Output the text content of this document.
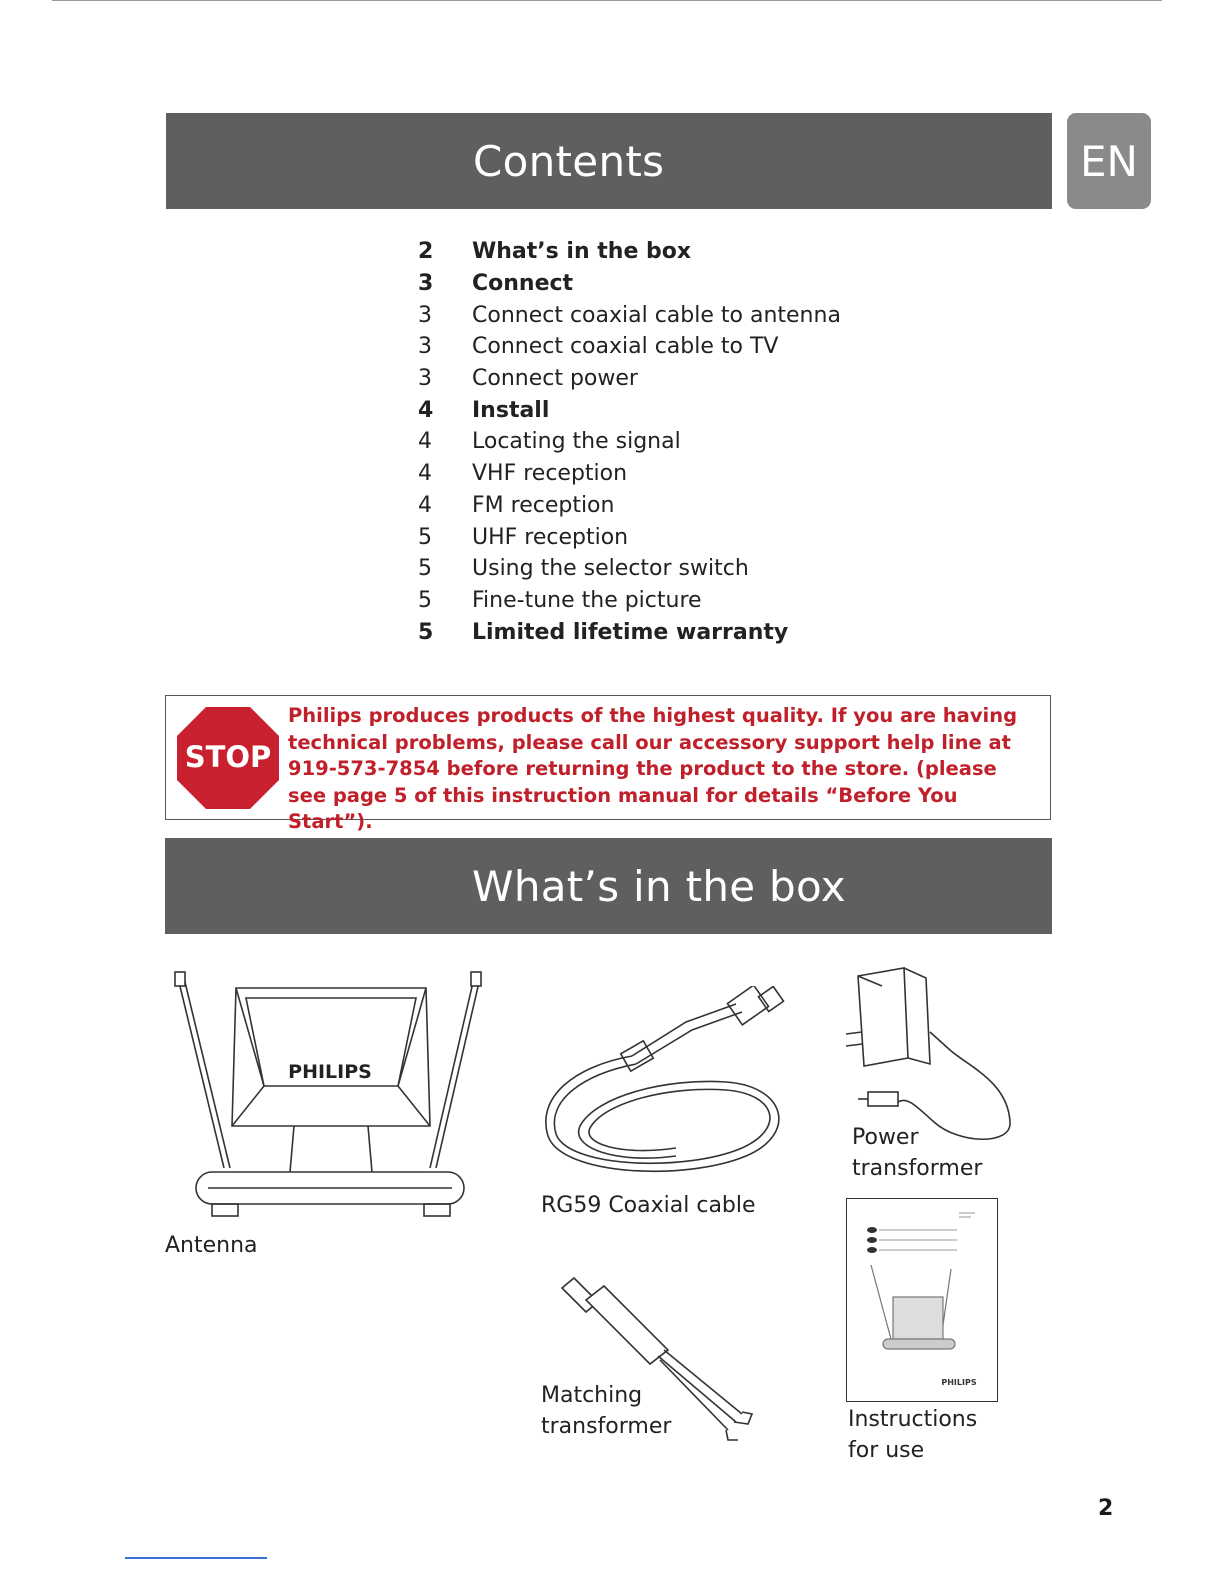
Contents	EN
2	What’s in the box
3	Connect
3	Connect coaxial cable to antenna
3	Connect coaxial cable to TV
3	Connect power
4	Install
4	Locating the signal
4	VHF reception
4	FM reception
5	UHF reception
5	Using the selector switch
5	Fine-tune the picture
5	Limited lifetime warranty
STOP
Philips produces products of the highest quality. If you are having technical problems, please call our accessory support help line at 919-573-7854 before returning the product to the store. (please see page 5 of this instruction manual for details “Before You Start”).
What’s in the box
PHILIPS
Antenna
RG59 Coaxial cable
Power
transformer
PHILIPS
Instructions
for use
Matching
transformer
2
